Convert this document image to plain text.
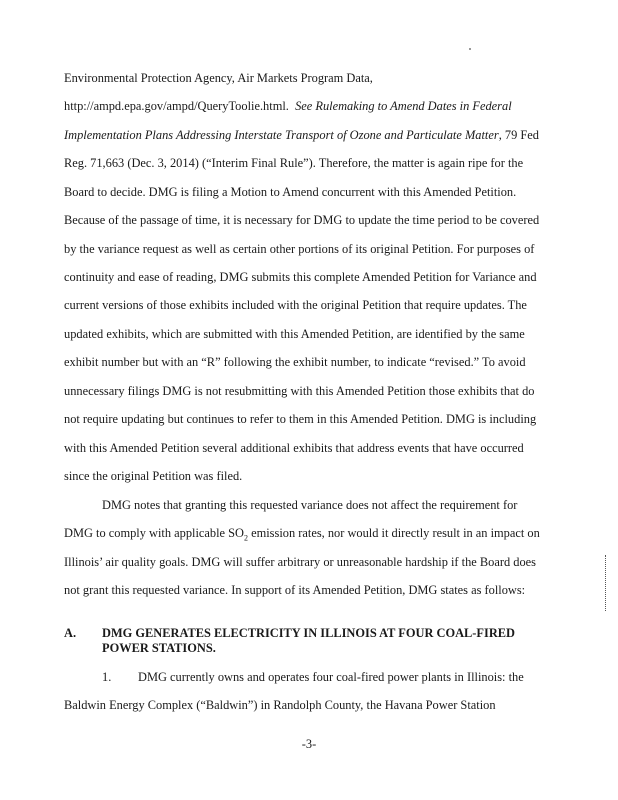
Environmental Protection Agency, Air Markets Program Data,
http://ampd.epa.gov/ampd/QueryToolie.html. See Rulemaking to Amend Dates in Federal
Implementation Plans Addressing Interstate Transport of Ozone and Particulate Matter, 79 Fed
Reg. 71,663 (Dec. 3, 2014) (“Interim Final Rule”). Therefore, the matter is again ripe for the
Board to decide. DMG is filing a Motion to Amend concurrent with this Amended Petition.
Because of the passage of time, it is necessary for DMG to update the time period to be covered
by the variance request as well as certain other portions of its original Petition. For purposes of
continuity and ease of reading, DMG submits this complete Amended Petition for Variance and
current versions of those exhibits included with the original Petition that require updates. The
updated exhibits, which are submitted with this Amended Petition, are identified by the same
exhibit number but with an “R” following the exhibit number, to indicate “revised.” To avoid
unnecessary filings DMG is not resubmitting with this Amended Petition those exhibits that do
not require updating but continues to refer to them in this Amended Petition. DMG is including
with this Amended Petition several additional exhibits that address events that have occurred
since the original Petition was filed.
DMG notes that granting this requested variance does not affect the requirement for
DMG to comply with applicable $SO_2$ emission rates, nor would it directly result in an impact on
Illinois’ air quality goals. DMG will suffer arbitrary or unreasonable hardship if the Board does
not grant this requested variance. In support of its Amended Petition, DMG states as follows:
A. DMG GENERATES ELECTRICITY IN ILLINOIS AT FOUR COAL-FIRED
POWER STATIONS.
1. DMG currently owns and operates four coal-fired power plants in Illinois: the
Baldwin Energy Complex (“Baldwin”) in Randolph County, the Havana Power Station
-3-
